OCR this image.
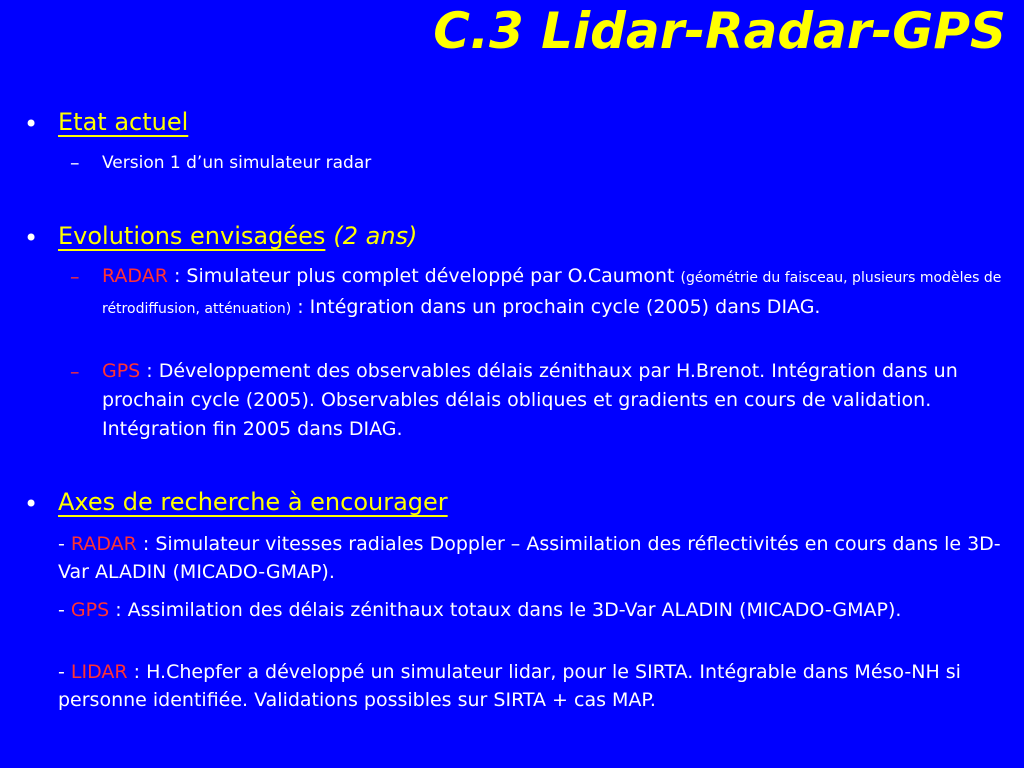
C.3 Lidar-Radar-GPS
• Etat actuel
– Version 1 d’un simulateur radar
• Evolutions envisagées (2 ans)
– RADAR : Simulateur plus complet développé par O.Caumont (géométrie du faisceau, plusieurs modèles de rétrodiffusion, atténuation) : Intégration dans un prochain cycle (2005) dans DIAG.
– GPS : Développement des observables délais zénithaux par H.Brenot. Intégration dans un prochain cycle (2005). Observables délais obliques et gradients en cours de validation. Intégration fin 2005 dans DIAG.
• Axes de recherche à encourager
- RADAR : Simulateur vitesses radiales Doppler – Assimilation des réflectivités en cours dans le 3D-Var ALADIN (MICADO-GMAP).
- GPS : Assimilation des délais zénithaux totaux dans le 3D-Var ALADIN (MICADO-GMAP).
- LIDAR : H.Chepfer a développé un simulateur lidar, pour le SIRTA. Intégrable dans Méso-NH si personne identifiée. Validations possibles sur SIRTA + cas MAP.
